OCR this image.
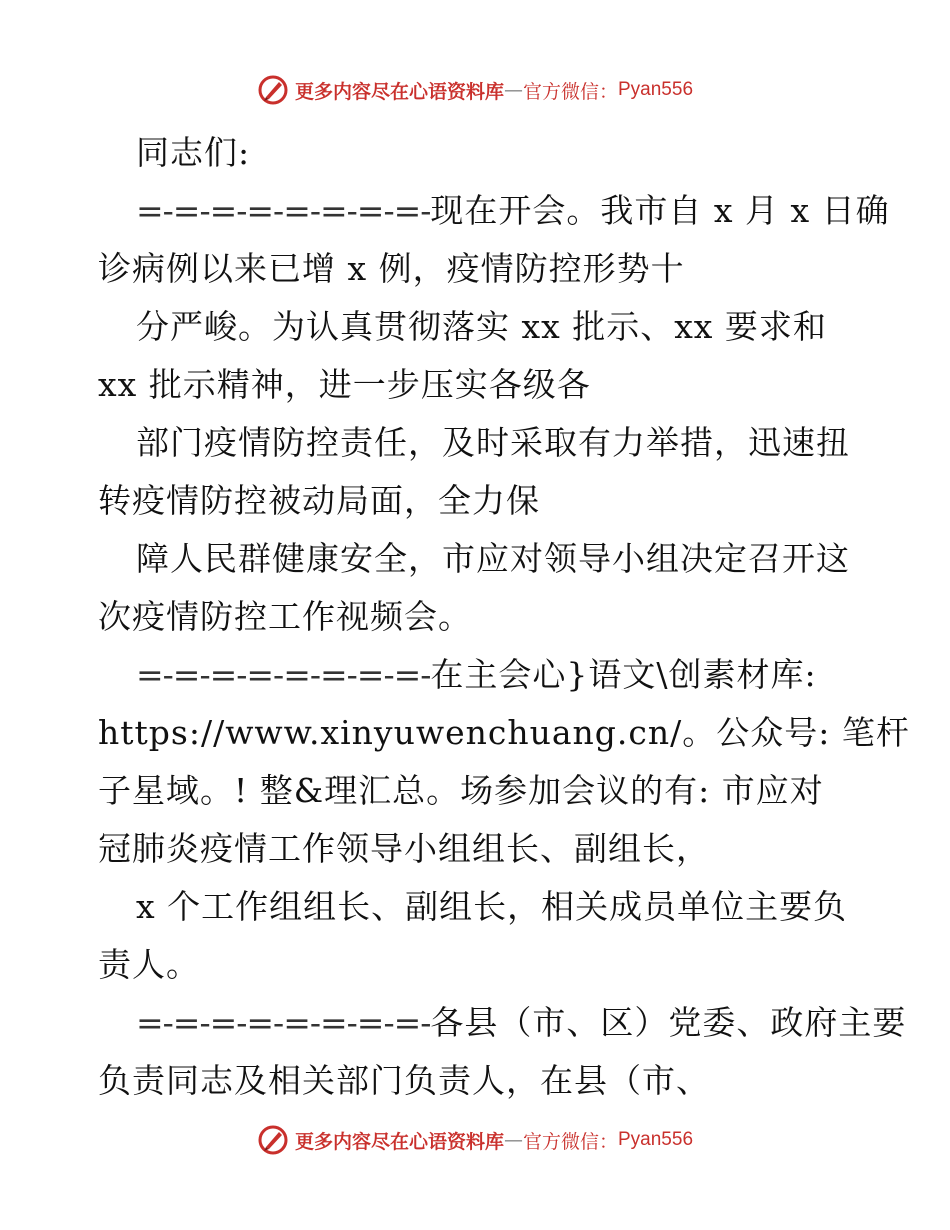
更多内容尽在心语资料库 — 官方微信： Pyan556

同志们:

=-=-=-=-=-=-=-=-现在开会。我市自 x 月 x 日确

诊病例以来已增 x 例，疫情防控形势十

分严峻。为认真贯彻落实 xx 批示、xx 要求和

xx 批示精神，进一步压实各级各

部门疫情防控责任，及时采取有力举措，迅速扭

转疫情防控被动局面，全力保

障人民群健康安全，市应对领导小组决定召开这

次疫情防控工作视频会。

=-=-=-=-=-=-=-=-在主会心}语文\创素材库:

https://www.xinyuwenchuang.cn/。公众号: 笔杆

子星域。! 整&理汇总。场参加会议的有: 市应对

冠肺炎疫情工作领导小组组长、副组长，

x 个工作组组长、副组长，相关成员单位主要负

责人。

=-=-=-=-=-=-=-=-各县（市、区）党委、政府主要

负责同志及相关部门负责人，在县（市、

更多内容尽在心语资料库 — 官方微信： Pyan556
